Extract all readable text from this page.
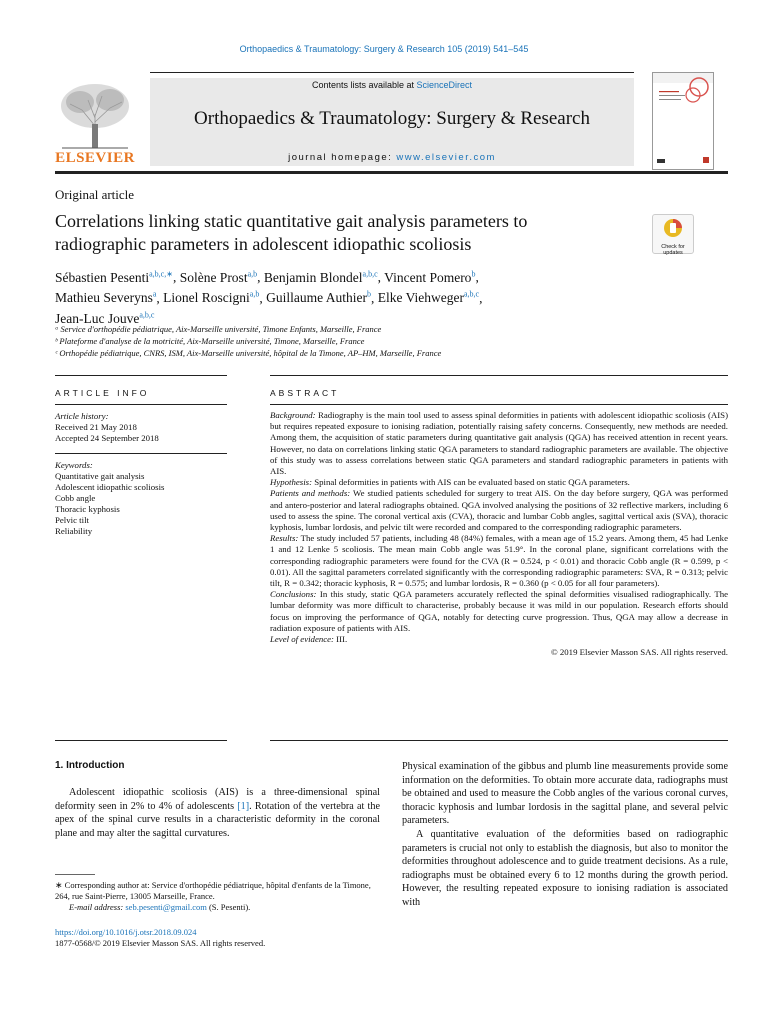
Orthopaedics & Traumatology: Surgery & Research 105 (2019) 541–545
Contents lists available at ScienceDirect
Orthopaedics & Traumatology: Surgery & Research
journal homepage: www.elsevier.com
ELSEVIER
Original article
Correlations linking static quantitative gait analysis parameters to
radiographic parameters in adolescent idiopathic scoliosis	Check for updates
Sébastien Pesenti$^{a,b,c,∗}$, Solène Prost$^{a,b}$, Benjamin Blondel$^{a,b,c}$, Vincent Pomero$^b$,
Mathieu Severyns$^a$, Lionel Roscigni$^{a,b}$, Guillaume Authier$^b$, Elke Viehweger$^{a,b,c}$,
Jean-Luc Jouve$^{a,b,c}$
ᵃ Service d'orthopédie pédiatrique, Aix-Marseille université, Timone Enfants, Marseille, France
ᵇ Plateforme d'analyse de la motricité, Aix-Marseille université, Timone, Marseille, France
ᶜ Orthopédie pédiatrique, CNRS, ISM, Aix-Marseille université, hôpital de la Timone, AP–HM, Marseille, France
ARTICLE INFO
Article history:
Received 21 May 2018
Accepted 24 September 2018
Keywords:
Quantitative gait analysis
Adolescent idiopathic scoliosis
Cobb angle
Thoracic kyphosis
Pelvic tilt
Reliability
ABSTRACT

Background: Radiography is the main tool used to assess spinal deformities in patients with adolescent idiopathic scoliosis (AIS) but requires repeated exposure to ionising radiation, potentially raising safety concerns. Consequently, new methods are needed. Among them, the acquisition of static parameters during quantitative gait analysis (QGA) has received attention in recent years. However, no data on correlations linking static QGA parameters to standard radiographic parameters are available. The objective of this study was to assess correlations between static QGA parameters and standard radiographic parameters in patients with AIS.

Hypothesis: Spinal deformities in patients with AIS can be evaluated based on static QGA parameters.

Patients and methods: We studied patients scheduled for surgery to treat AIS. On the day before surgery, QGA was performed and antero-posterior and lateral radiographs obtained. QGA involved analysing the positions of 32 reflective markers, including 6 used to assess the spine. The coronal vertical axis (CVA), thoracic and lumbar Cobb angles, sagittal vertical axis (SVA), thoracic kyphosis, lumbar lordosis, and pelvic tilt were recorded and compared to the corresponding radiographic parameters.

Results: The study included 57 patients, including 48 (84%) females, with a mean age of 15.2 years. Among them, 45 had Lenke 1 and 12 Lenke 5 scoliosis. The mean main Cobb angle was 51.9°. In the coronal plane, significant correlations with the corresponding radiographic parameters were found for the CVA (R = 0.524, p < 0.01) and thoracic Cobb angle (R = 0.599, p < 0.01). All the sagittal parameters correlated significantly with the corresponding radiographic parameters: SVA, R = 0.313; pelvic tilt, R = 0.342; thoracic kyphosis, R = 0.575; and lumbar lordosis, R = 0.360 (p < 0.05 for all four parameters).

Conclusions: In this study, static QGA parameters accurately reflected the spinal deformities visualised radiographically. The lumbar deformity was more difficult to characterise, probably because it was mild in our population. Research efforts should focus on improving the performance of QGA, notably for detecting curve progression. Thus, QGA may allow a decrease in radiation exposure of patients with AIS.

Level of evidence: III.

© 2019 Elsevier Masson SAS. All rights reserved.

1. Introduction

Adolescent idiopathic scoliosis (AIS) is a three-dimensional spinal deformity seen in 2% to 4% of adolescents [1]. Rotation of the vertebra at the apex of the spinal curve results in a characteristic deformity in the coronal plane and may alter the sagittal curvatures.

Physical examination of the gibbus and plumb line measurements provide some information on the deformities. To obtain more accurate data, radiographs must be obtained and used to measure the Cobb angles of the various coronal curves, thoracic kyphosis and lumbar lordosis in the sagittal plane, and several pelvic parameters.

A quantitative evaluation of the deformities based on radiographic parameters is crucial not only to establish the diagnosis, but also to monitor the deformities throughout adolescence and to guide treatment decisions. As a rule, radiographs must be obtained every 6 to 12 months during the growth period. However, the resulting repeated exposure to ionising radiation is associated with

∗ Corresponding author at: Service d'orthopédie pédiatrique, hôpital d'enfants de la Timone, 264, rue Saint-Pierre, 13005 Marseille, France.
E-mail address: seb.pesenti@gmail.com (S. Pesenti).
https://doi.org/10.1016/j.otsr.2018.09.024
1877-0568/© 2019 Elsevier Masson SAS. All rights reserved.
